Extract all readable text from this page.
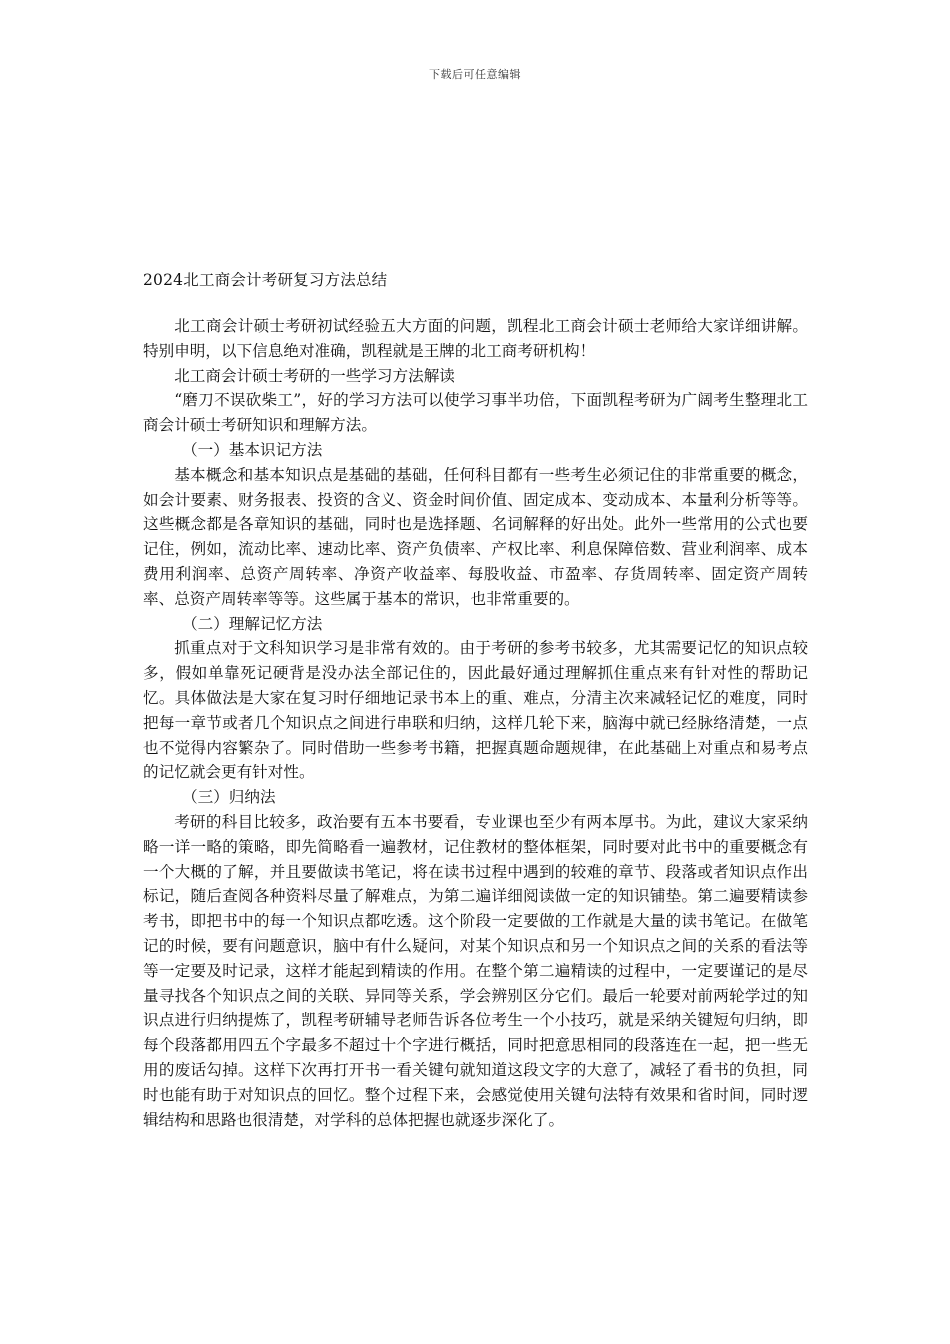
下载后可任意编辑
2024北工商会计考研复习方法总结

北工商会计硕士考研初试经验五大方面的问题，凯程北工商会计硕士老师给大家详细讲解。特别申明，以下信息绝对准确，凯程就是王牌的北工商考研机构！

北工商会计硕士考研的一些学习方法解读

“磨刀不误砍柴工”，好的学习方法可以使学习事半功倍，下面凯程考研为广阔考生整理北工商会计硕士考研知识和理解方法。

（一）基本识记方法

基本概念和基本知识点是基础的基础，任何科目都有一些考生必须记住的非常重要的概念，如会计要素、财务报表、投资的含义、资金时间价值、固定成本、变动成本、本量利分析等等。这些概念都是各章知识的基础，同时也是选择题、名词解释的好出处。此外一些常用的公式也要记住，例如，流动比率、速动比率、资产负债率、产权比率、利息保障倍数、营业利润率、成本费用利润率、总资产周转率、净资产收益率、每股收益、市盈率、存货周转率、固定资产周转率、总资产周转率等等。这些属于基本的常识，也非常重要的。

（二）理解记忆方法

抓重点对于文科知识学习是非常有效的。由于考研的参考书较多，尤其需要记忆的知识点较多，假如单靠死记硬背是没办法全部记住的，因此最好通过理解抓住重点来有针对性的帮助记忆。具体做法是大家在复习时仔细地记录书本上的重、难点，分清主次来减轻记忆的难度，同时把每一章节或者几个知识点之间进行串联和归纳，这样几轮下来，脑海中就已经脉络清楚，一点也不觉得内容繁杂了。同时借助一些参考书籍，把握真题命题规律，在此基础上对重点和易考点的记忆就会更有针对性。

（三）归纳法

考研的科目比较多，政治要有五本书要看，专业课也至少有两本厚书。为此，建议大家采纳略一详一略的策略，即先简略看一遍教材，记住教材的整体框架，同时要对此书中的重要概念有一个大概的了解，并且要做读书笔记，将在读书过程中遇到的较难的章节、段落或者知识点作出标记，随后查阅各种资料尽量了解难点，为第二遍详细阅读做一定的知识铺垫。第二遍要精读参考书，即把书中的每一个知识点都吃透。这个阶段一定要做的工作就是大量的读书笔记。在做笔记的时候，要有问题意识，脑中有什么疑问，对某个知识点和另一个知识点之间的关系的看法等等一定要及时记录，这样才能起到精读的作用。在整个第二遍精读的过程中，一定要谨记的是尽量寻找各个知识点之间的关联、异同等关系，学会辨别区分它们。最后一轮要对前两轮学过的知识点进行归纳提炼了，凯程考研辅导老师告诉各位考生一个小技巧，就是采纳关键短句归纳，即每个段落都用四五个字最多不超过十个字进行概括，同时把意思相同的段落连在一起，把一些无用的废话勾掉。这样下次再打开书一看关键句就知道这段文字的大意了，减轻了看书的负担，同时也能有助于对知识点的回忆。整个过程下来，会感觉使用关键句法特有效果和省时间，同时逻辑结构和思路也很清楚，对学科的总体把握也就逐步深化了。
